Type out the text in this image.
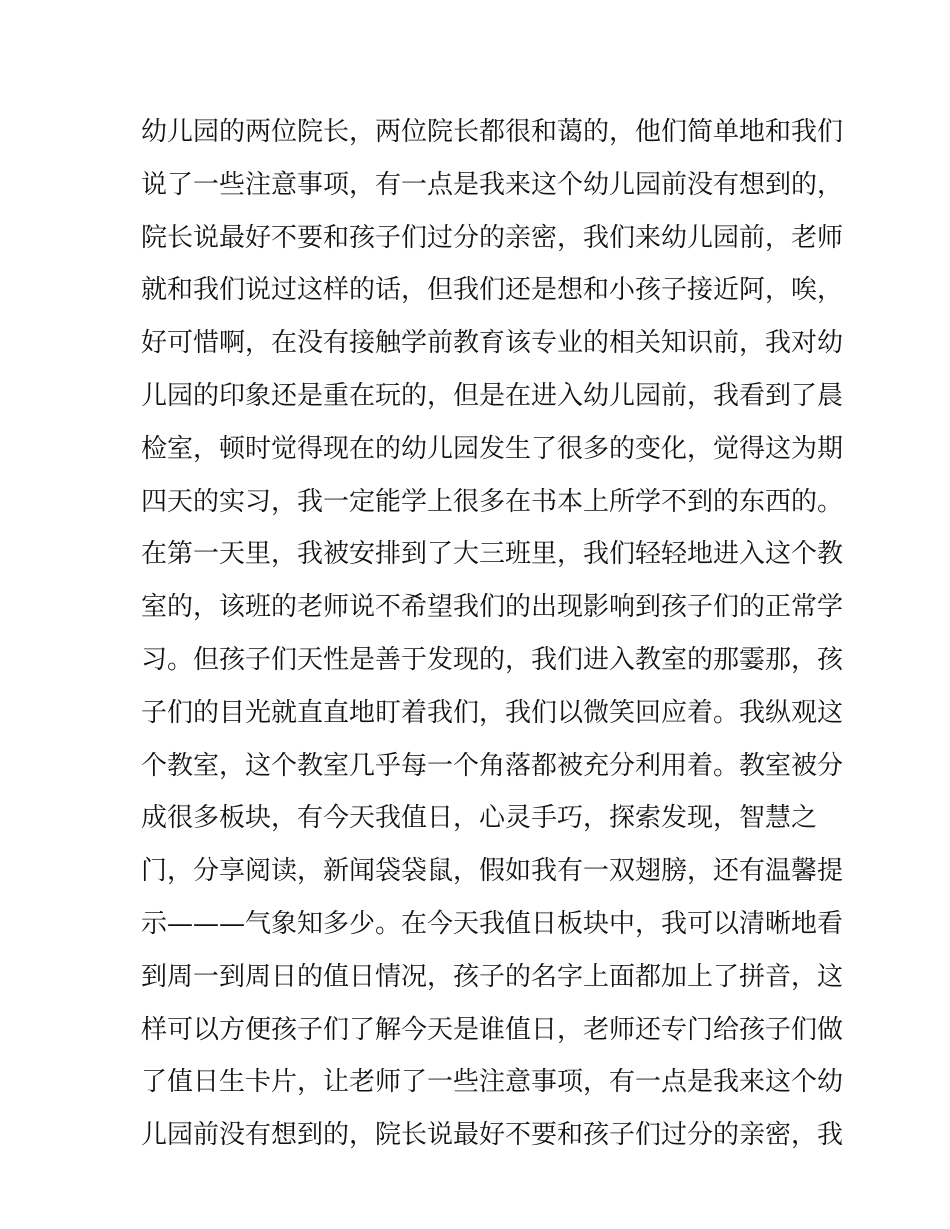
幼儿园的两位院长，两位院长都很和蔼的，他们简单地和我们
说了一些注意事项，有一点是我来这个幼儿园前没有想到的，
院长说最好不要和孩子们过分的亲密，我们来幼儿园前，老师
就和我们说过这样的话，但我们还是想和小孩子接近阿，唉，
好可惜啊，在没有接触学前教育该专业的相关知识前，我对幼
儿园的印象还是重在玩的，但是在进入幼儿园前，我看到了晨
检室，顿时觉得现在的幼儿园发生了很多的变化，觉得这为期
四天的实习，我一定能学上很多在书本上所学不到的东西的。
在第一天里，我被安排到了大三班里，我们轻轻地进入这个教
室的，该班的老师说不希望我们的出现影响到孩子们的正常学
习。但孩子们天性是善于发现的，我们进入教室的那霎那，孩
子们的目光就直直地盯着我们，我们以微笑回应着。我纵观这
个教室，这个教室几乎每一个角落都被充分利用着。教室被分
成很多板块，有今天我值日，心灵手巧，探索发现，智慧之
门，分享阅读，新闻袋袋鼠，假如我有一双翅膀，还有温馨提
示———气象知多少。在今天我值日板块中，我可以清晰地看
到周一到周日的值日情况，孩子的名字上面都加上了拼音，这
样可以方便孩子们了解今天是谁值日，老师还专门给孩子们做
了值日生卡片，让老师了一些注意事项，有一点是我来这个幼
儿园前没有想到的，院长说最好不要和孩子们过分的亲密，我
